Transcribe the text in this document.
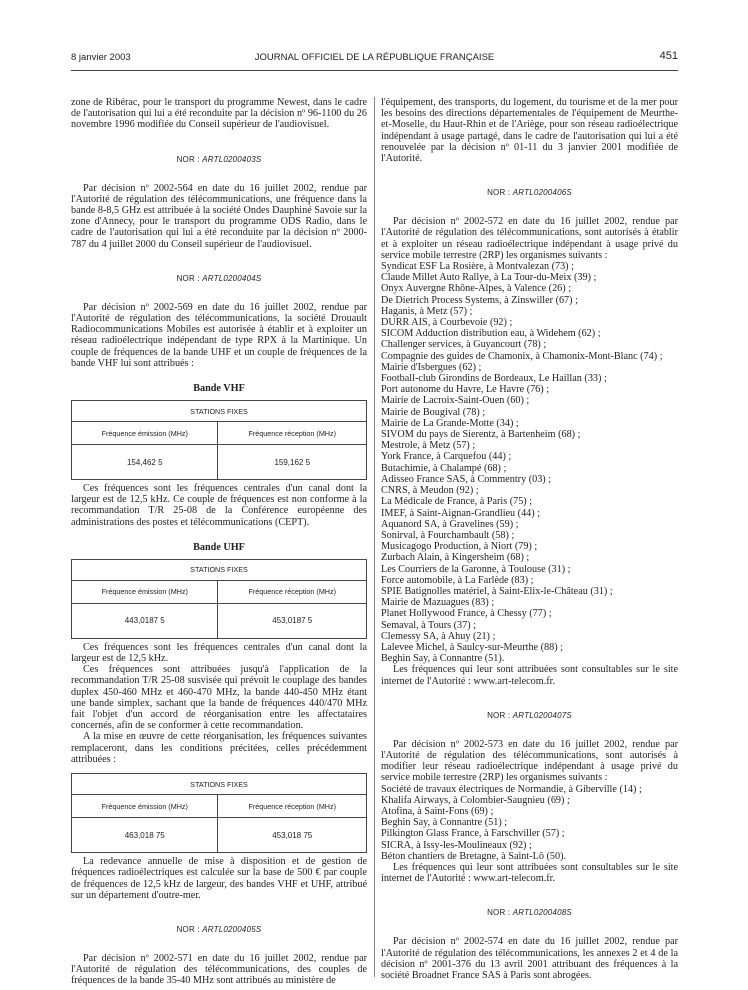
8 janvier 2003	JOURNAL OFFICIEL DE LA RÉPUBLIQUE FRANÇAISE	451

zone de Ribérac, pour le transport du programme Newest, dans le cadre de l'autorisation qui lui a été reconduite par la décision nº 96-1100 du 26 novembre 1996 modifiée du Conseil supérieur de l'audiovisuel.

NOR : ARTL0200403S

Par décision nº 2002-564 en date du 16 juillet 2002, rendue par l'Autorité de régulation des télécommunications, une fréquence dans la bande 8-8,5 GHz est attribuée à la société Ondes Dauphiné Savoie sur la zone d'Annecy, pour le transport du programme ODS Radio, dans le cadre de l'autorisation qui lui a été reconduite par la décision nº 2000-787 du 4 juillet 2000 du Conseil supérieur de l'audiovisuel.

NOR : ARTL0200404S

Par décision nº 2002-569 en date du 16 juillet 2002, rendue par l'Autorité de régulation des télécommunications, la société Drouault Radiocommunications Mobiles est autorisée à établir et à exploiter un réseau radioélectrique indépendant de type RPX à la Martinique. Un couple de fréquences de la bande UHF et un couple de fréquences de la bande VHF lui sont attribués :

Bande VHF
STATIONS FIXES	
Fréquence émission (MHz)	Fréquence réception (MHz)
154,462 5	159,162 5

Ces fréquences sont les fréquences centrales d'un canal dont la largeur est de 12,5 kHz. Ce couple de fréquences est non conforme à la recommandation T/R 25-08 de la Conférence européenne des administrations des postes et télécommunications (CEPT).

Bande UHF
STATIONS FIXES	
Fréquence émission (MHz)	Fréquence réception (MHz)
443,0187 5	453,0187 5

Ces fréquences sont les fréquences centrales d'un canal dont la largeur est de 12,5 kHz.

Ces fréquences sont attribuées jusqu'à l'application de la recommandation T/R 25-08 susvisée qui prévoit le couplage des bandes duplex 450-460 MHz et 460-470 MHz, la bande 440-450 MHz étant une bande simplex, sachant que la bande de fréquences 440/470 MHz fait l'objet d'un accord de réorganisation entre les affectataires concernés, afin de se conformer à cette recommandation.

A la mise en œuvre de cette réorganisation, les fréquences suivantes remplaceront, dans les conditions précitées, celles précédemment attribuées :

STATIONS FIXES	
Fréquence émission (MHz)	Fréquence réception (MHz)
463,018 75	453,018 75

La redevance annuelle de mise à disposition et de gestion de fréquences radioélectriques est calculée sur la base de 500 € par couple de fréquences de 12,5 kHz de largeur, des bandes VHF et UHF, attribué sur un département d'outre-mer.

NOR : ARTL0200405S

Par décision nº 2002-571 en date du 16 juillet 2002, rendue par l'Autorité de régulation des télécommunications, des couples de fréquences de la bande 35-40 MHz sont attribués au ministère de

l'équipement, des transports, du logement, du tourisme et de la mer pour les besoins des directions départementales de l'équipement de Meurthe-et-Moselle, du Haut-Rhin et de l'Ariège, pour son réseau radioélectrique indépendant à usage partagé, dans le cadre de l'autorisation qui lui a été renouvelée par la décision nº 01-11 du 3 janvier 2001 modifiée de l'Autorité.

NOR : ARTL0200406S

Par décision nº 2002-572 en date du 16 juillet 2002, rendue par l'Autorité de régulation des télécommunications, sont autorisés à établir et à exploiter un réseau radioélectrique indépendant à usage privé du service mobile terrestre (2RP) les organismes suivants :

Syndicat ESF La Rosière, à Montvalezan (73) ;

Claude Millet Auto Rallye, à La Tour-du-Meix (39) ;

Onyx Auvergne Rhône-Alpes, à Valence (26) ;

De Dietrich Process Systems, à Zinswiller (67) ;

Haganis, à Metz (57) ;

DURR AIS, à Courbevoie (92) ;

SICOM Adduction distribution eau, à Widehem (62) ;

Challenger services, à Guyancourt (78) ;

Compagnie des guides de Chamonix, à Chamonix-Mont-Blanc (74) ;

Mairie d'Isbergues (62) ;

Football-club Girondins de Bordeaux, Le Haillan (33) ;

Port autonome du Havre, Le Havre (76) ;

Mairie de Lacroix-Saint-Ouen (60) ;

Mairie de Bougival (78) ;

Mairie de La Grande-Motte (34) ;

SIVOM du pays de Sierentz, à Bartenheim (68) ;

Mestrole, à Metz (57) ;

York France, à Carquefou (44) ;

Butachimie, à Chalampé (68) ;

Adisseo France SAS, à Commentry (03) ;

CNRS, à Meudon (92) ;

La Médicale de France, à Paris (75) ;

IMEF, à Saint-Aignan-Grandlieu (44) ;

Aquanord SA, à Gravelines (59) ;

Sonirval, à Fourchambault (58) ;

Musicagogo Production, à Niort (79) ;

Zurbach Alain, à Kingersheim (68) ;

Les Courriers de la Garonne, à Toulouse (31) ;

Force automobile, à La Farlède (83) ;

SPIE Batignolles matériel, à Saint-Elix-le-Château (31) ;

Mairie de Mazuagues (83) ;

Planet Hollywood France, à Chessy (77) ;

Semaval, à Tours (37) ;

Clemessy SA, à Ahuy (21) ;

Lalevee Michel, à Saulcy-sur-Meurthe (88) ;

Beghin Say, à Connantre (51).

Les fréquences qui leur sont attribuées sont consultables sur le site internet de l'Autorité : www.art-telecom.fr.

NOR : ARTL0200407S

Par décision nº 2002-573 en date du 16 juillet 2002, rendue par l'Autorité de régulation des télécommunications, sont autorisés à modifier leur réseau radioélectrique indépendant à usage privé du service mobile terrestre (2RP) les organismes suivants :

Société de travaux électriques de Normandie, à Giberville (14) ;

Khalifa Airways, à Colombier-Saugnieu (69) ;

Atofina, à Saint-Fons (69) ;

Beghin Say, à Connantre (51) ;

Pilkington Glass France, à Farschviller (57) ;

SICRA, à Issy-les-Moulineaux (92) ;

Béton chantiers de Bretagne, à Saint-Lô (50).

Les fréquences qui leur sont attribuées sont consultables sur le site internet de l'Autorité : www.art-telecom.fr.

NOR : ARTL0200408S

Par décision nº 2002-574 en date du 16 juillet 2002, rendue par l'Autorité de régulation des télécommunications, les annexes 2 et 4 de la décision nº 2001-376 du 13 avril 2001 attribuant des fréquences à la société Broadnet France SAS à Paris sont abrogées.
